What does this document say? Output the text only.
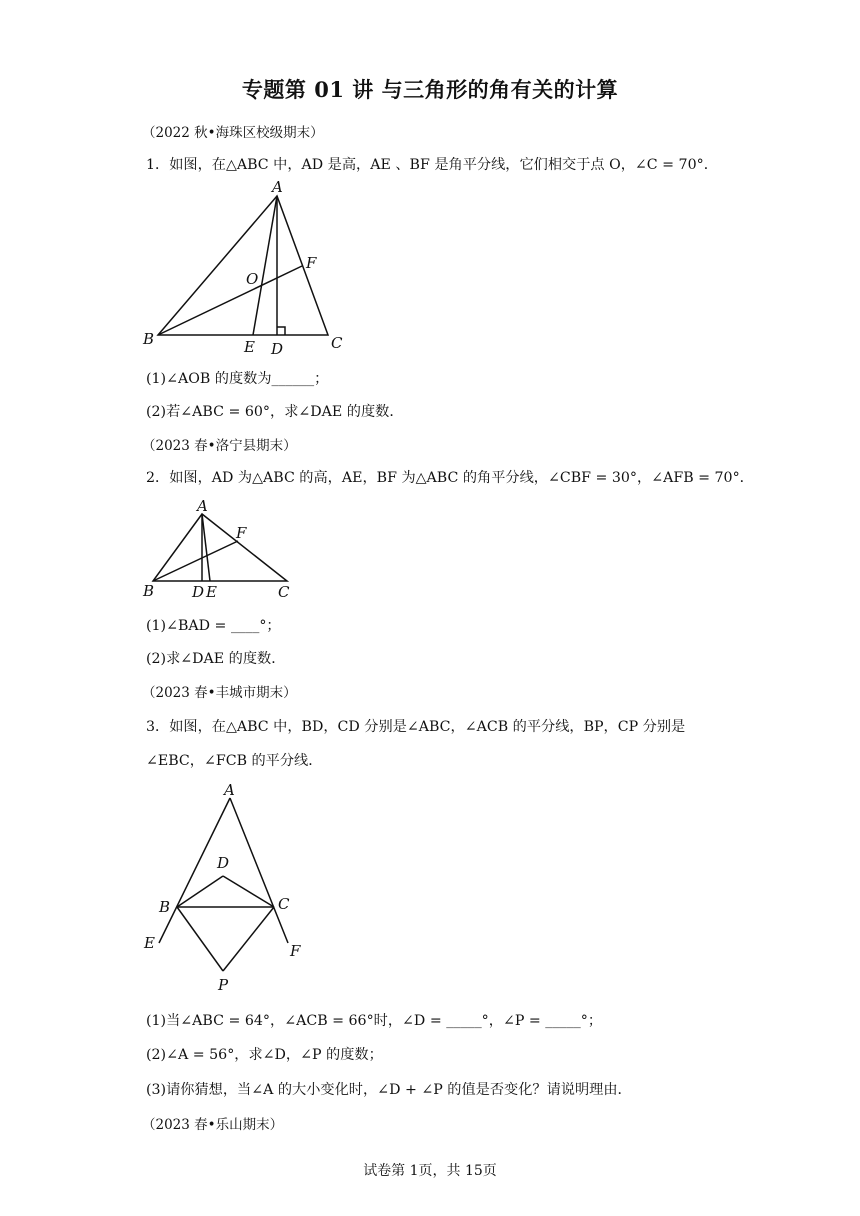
专题第 01 讲 与三角形的角有关的计算
（2022 秋•海珠区校级期末）
1．如图，在△ABC 中，AD 是高，AE 、BF 是角平分线，它们相交于点 O，∠C = 70°．
A
B	C
D
E
F
O
(1)∠AOB 的度数为______；
(2)若∠ABC = 60°，求∠DAE 的度数．
（2023 春•洛宁县期末）
2．如图，AD 为△ABC 的高，AE，BF 为△ABC 的角平分线，∠CBF = 30°，∠AFB = 70°．
A
B	C
D E
F
(1)∠BAD = ____°；
(2)求∠DAE 的度数．
（2023 春•丰城市期末）
3．如图，在△ABC 中，BD，CD 分别是∠ABC，∠ACB 的平分线，BP，CP 分别是
∠EBC，∠FCB 的平分线．
A
D
B	C
E	F
P
(1)当∠ABC = 64°，∠ACB = 66°时，∠D = _____°，∠P = _____°；
(2)∠A = 56°，求∠D，∠P 的度数；
(3)请你猜想，当∠A 的大小变化时，∠D + ∠P 的值是否变化？请说明理由．
（2023 春•乐山期末）
试卷第 1页，共 15页
